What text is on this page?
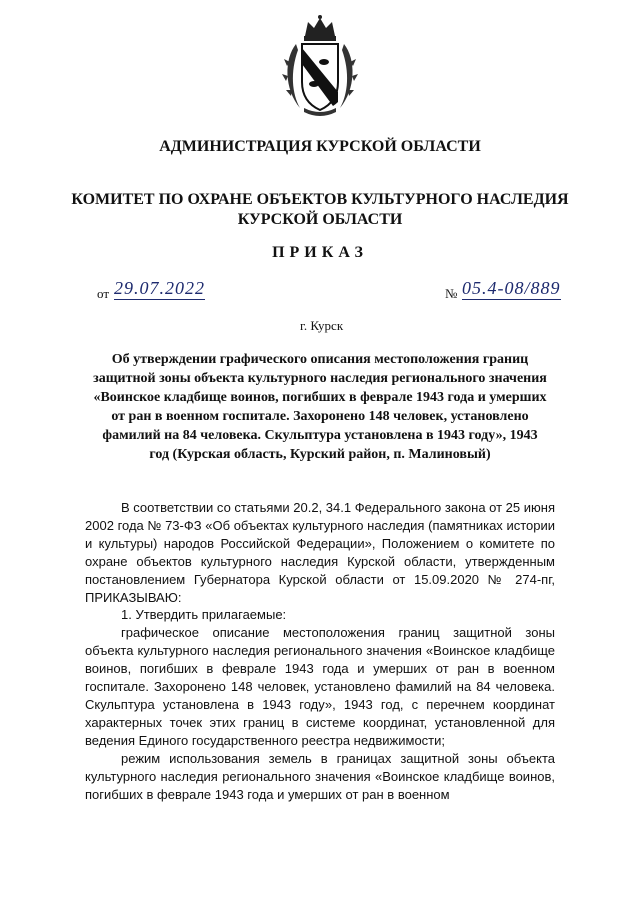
АДМИНИСТРАЦИЯ КУРСКОЙ ОБЛАСТИ
КОМИТЕТ ПО ОХРАНЕ ОБЪЕКТОВ КУЛЬТУРНОГО НАСЛЕДИЯ
КУРСКОЙ ОБЛАСТИ
ПРИКАЗ
от 29.07.2022	№ 05.4-08/889
г. Курск
Об утверждении графического описания местоположения границ защитной зоны объекта культурного наследия регионального значения «Воинское кладбище воинов, погибших в феврале 1943 года и умерших от ран в военном госпитале. Захоронено 148 человек, установлено фамилий на 84 человека. Скульптура установлена в 1943 году», 1943 год (Курская область, Курский район, п. Малиновый)

В соответствии со статьями 20.2, 34.1 Федерального закона от 25 июня 2002 года № 73-ФЗ «Об объектах культурного наследия (памятниках истории и культуры) народов Российской Федерации», Положением о комитете по охране объектов культурного наследия Курской области, утвержденным постановлением Губернатора Курской области от 15.09.2020 № 274-пг, ПРИКАЗЫВАЮ:

1. Утвердить прилагаемые:

графическое описание местоположения границ защитной зоны объекта культурного наследия регионального значения «Воинское кладбище воинов, погибших в феврале 1943 года и умерших от ран в военном госпитале. Захоронено 148 человек, установлено фамилий на 84 человека. Скульптура установлена в 1943 году», 1943 год, с перечнем координат характерных точек этих границ в системе координат, установленной для ведения Единого государственного реестра недвижимости;

режим использования земель в границах защитной зоны объекта культурного наследия регионального значения «Воинское кладбище воинов, погибших в феврале 1943 года и умерших от ран в военном
